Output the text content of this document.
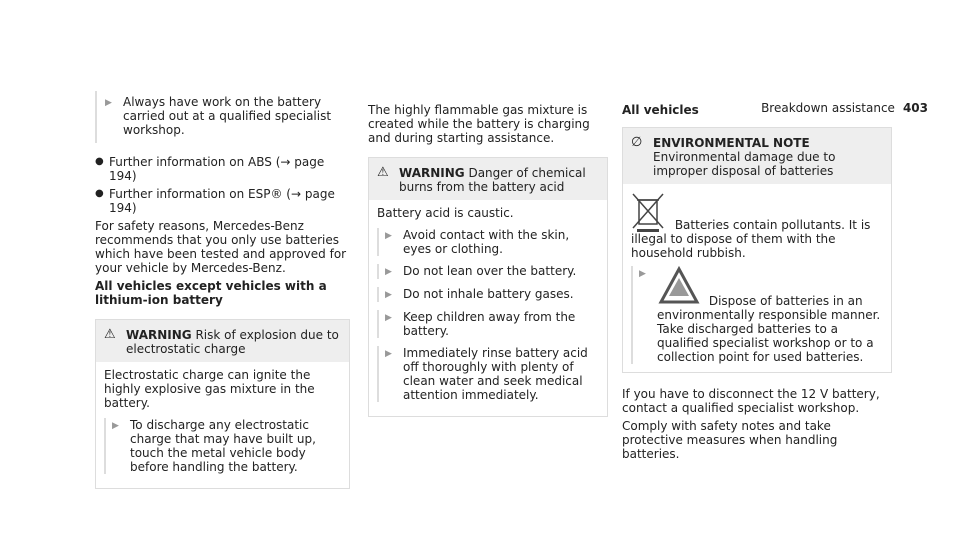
Breakdown assistance 403
▶ Always have work on the battery carried out at a qualified specialist workshop.
● Further information on ABS (→ page 194)
● Further information on ESP® (→ page 194)

For safety reasons, Mercedes-Benz recommends that you only use batteries which have been tested and approved for your vehicle by Mercedes-Benz.

All vehicles except vehicles with a lithium-ion battery

⚠ WARNING Risk of explosion due to electrostatic charge
Electrostatic charge can ignite the highly explosive gas mixture in the battery.
▶ To discharge any electrostatic charge that may have built up, touch the metal vehicle body before handling the battery.

The highly flammable gas mixture is created while the battery is charging and during starting assistance.

⚠ WARNING Danger of chemical burns from the battery acid
Battery acid is caustic.
▶ Avoid contact with the skin, eyes or clothing.
▶ Do not lean over the battery.
▶ Do not inhale battery gases.
▶ Keep children away from the battery.
▶ Immediately rinse battery acid off thoroughly with plenty of clean water and seek medical attention immediately.

All vehicles

∅ ENVIRONMENTAL NOTE Environmental damage due to improper disposal of batteries
Batteries contain pollutants. It is illegal to dispose of them with the household rubbish.
▶
Dispose of batteries in an environmentally responsible manner. Take discharged batteries to a qualified specialist workshop or to a collection point for used batteries.

If you have to disconnect the 12 V battery, contact a qualified specialist workshop.

Comply with safety notes and take protective measures when handling batteries.
